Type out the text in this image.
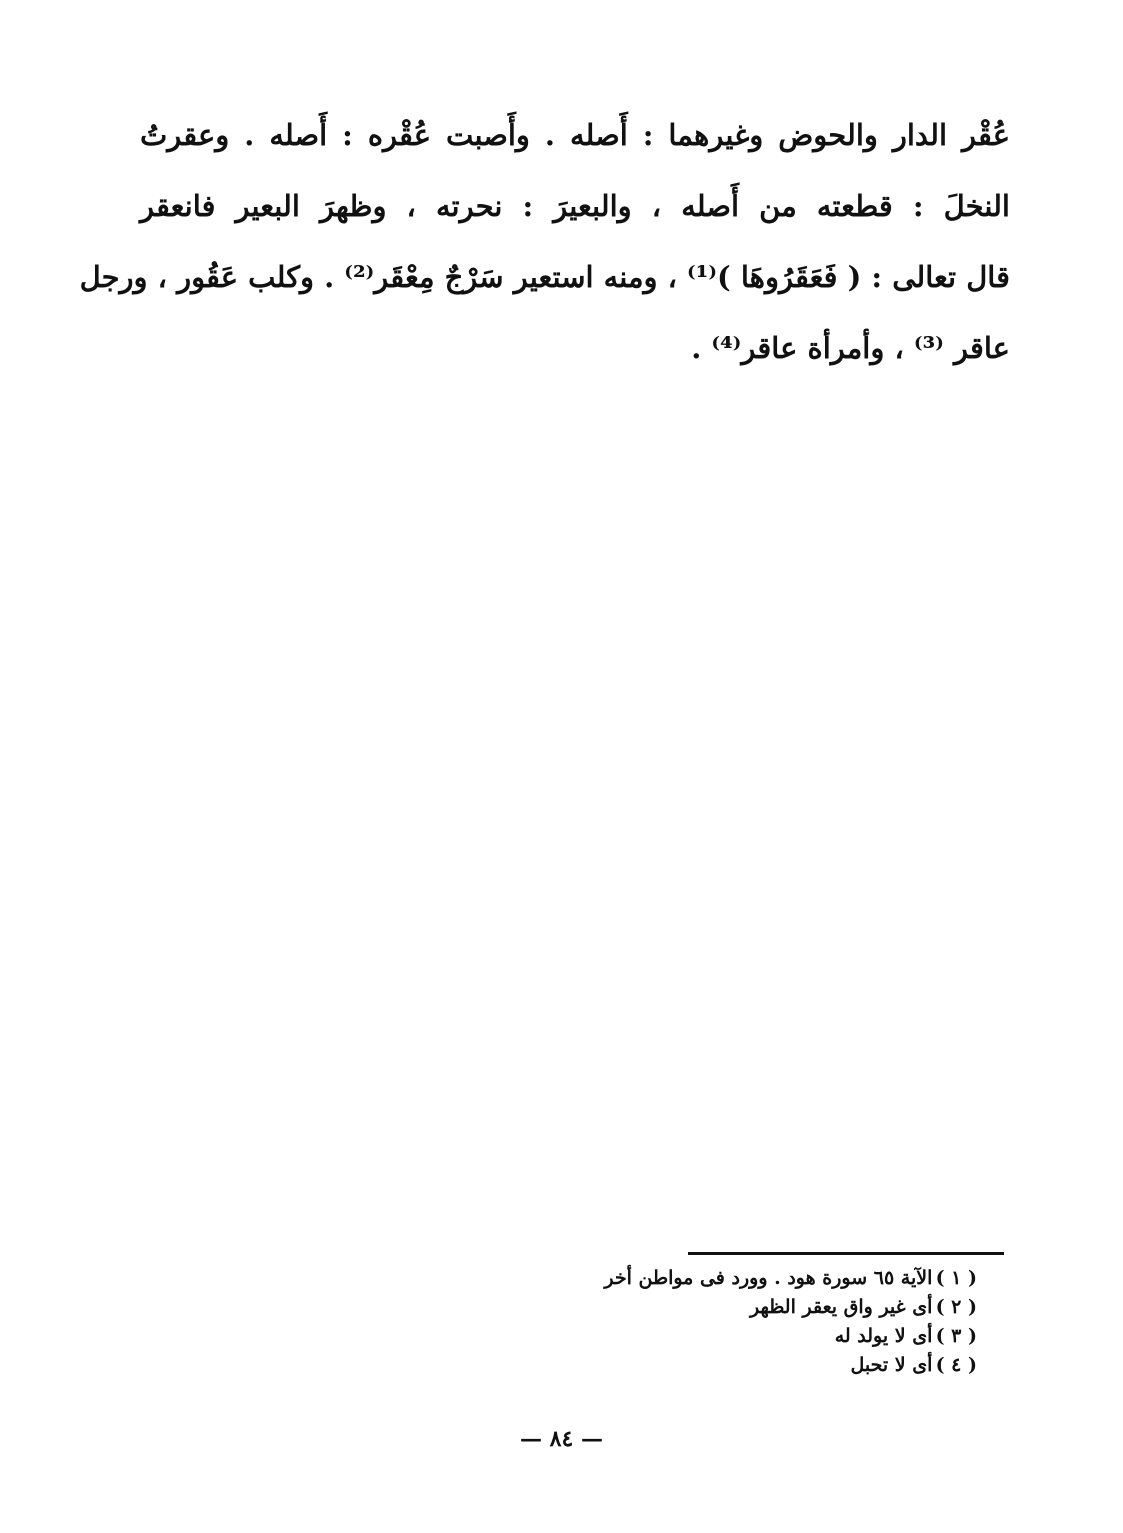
عُقْر الدار والحوض وغيرهما : أَصله . وأَصبت عُقْره : أَصله . وعقرتُ
النخلَ : قطعته من أَصله ، والبعيرَ : نحرته ، وظهرَ البعير فانعقر
قال تعالى : ( فَعَقَرُوهَا )⁽¹⁾ ، ومنه استعير سَرْجٌ مِعْقَر⁽²⁾ . وكلب عَقُور ، ورجل
عاقر ⁽³⁾ ، وأمرأة عاقر⁽⁴⁾ .
( ١ ) الآية ٦٥ سورة هود . وورد فى مواطن أخر
( ٢ ) أى غير واق يعقر الظهر
( ٣ ) أى لا يولد له
( ٤ ) أى لا تحبل
— ٨٤ —
